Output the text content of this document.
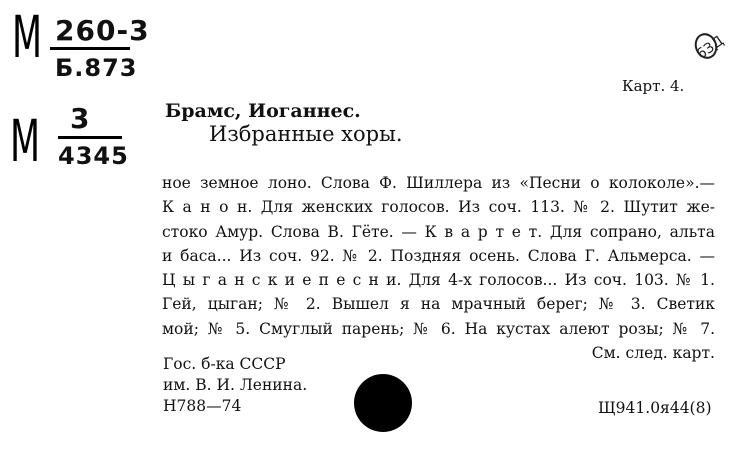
М 260-3
Б.873
М 3
4345
6ЗД
Карт. 4.
Брамс, Иоганнес.
Избранные хоры.
ное земное лоно. Слова Ф. Шиллера из «Песни о колоколе».—
К а н о н. Для женских голосов. Из соч. 113. № 2. Шутит же-
стоко Амур. Слова В. Гёте. — К в а р т е т. Для сопрано, альта
и баса... Из соч. 92. № 2. Поздняя осень. Слова Г. Альмерса. —
Ц ы г а н с к и е п е с н и. Для 4-х голосов... Из соч. 103. № 1.
Гей, цыган; № 2. Вышел я на мрачный берег; № 3. Светик
мой; № 5. Смуглый парень; № 6. На кустах алеют розы; № 7.
См. след. карт.
Гос. б-ка СССР
им. В. И. Ленина.
Н788—74	Щ941.0я44(8)
